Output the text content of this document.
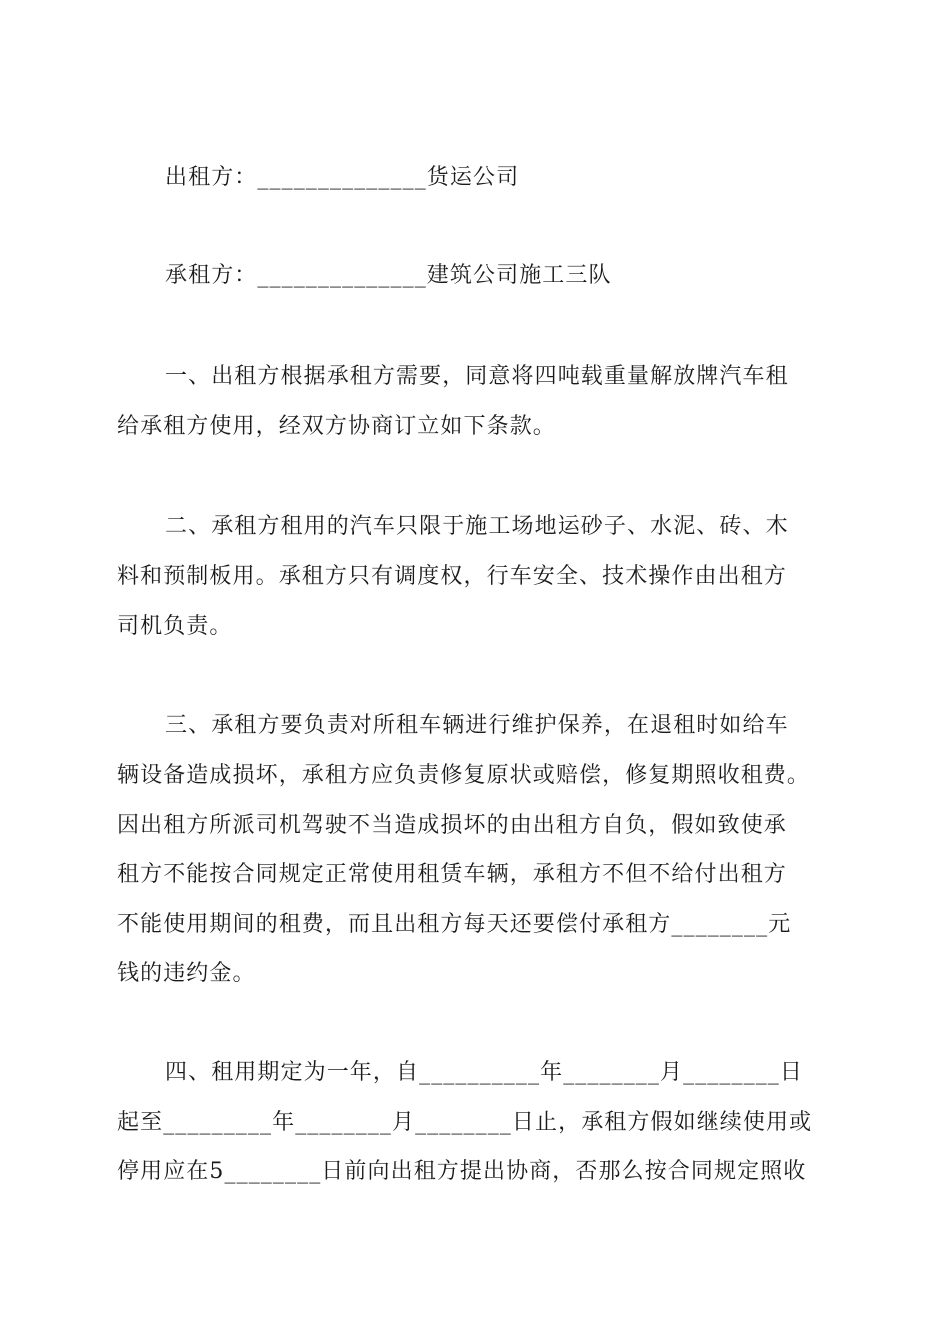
出租方：______________货运公司
承租方：______________建筑公司施工三队
一、出租方根据承租方需要，同意将四吨载重量解放牌汽车租
给承租方使用，经双方协商订立如下条款。
二、承租方租用的汽车只限于施工场地运砂子、水泥、砖、木
料和预制板用。承租方只有调度权，行车安全、技术操作由出租方
司机负责。
三、承租方要负责对所租车辆进行维护保养，在退租时如给车
辆设备造成损坏，承租方应负责修复原状或赔偿，修复期照收租费。
因出租方所派司机驾驶不当造成损坏的由出租方自负，假如致使承
租方不能按合同规定正常使用租赁车辆，承租方不但不给付出租方
不能使用期间的租费，而且出租方每天还要偿付承租方________元
钱的违约金。
四、租用期定为一年，自__________年________月________日
起至_________年________月________日止，承租方假如继续使用或
停用应在5________日前向出租方提出协商，否那么按合同规定照收
